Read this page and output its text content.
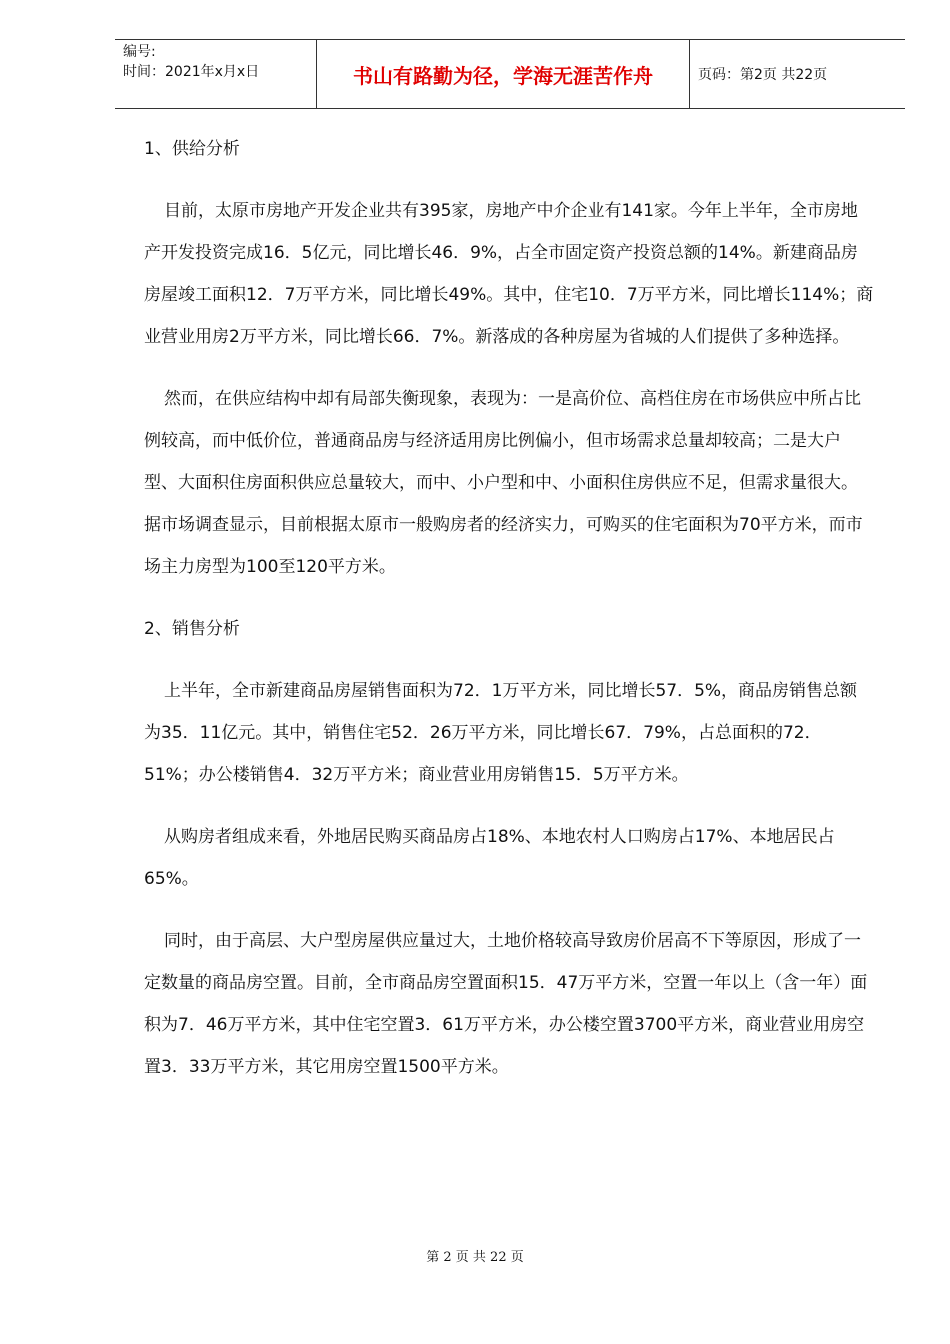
编号:
时间：2021年x月x日	书山有路勤为径，学海无涯苦作舟	页码：第2页 共22页

1、供给分析

目前，太原市房地产开发企业共有395家，房地产中介企业有141家。今年上半年，全市房地产开发投资完成16．5亿元，同比增长46．9%，占全市固定资产投资总额的14%。新建商品房房屋竣工面积12．7万平方米，同比增长49%。其中，住宅10．7万平方米，同比增长114%；商业营业用房2万平方米，同比增长66．7%。新落成的各种房屋为省城的人们提供了多种选择。

然而，在供应结构中却有局部失衡现象，表现为：一是高价位、高档住房在市场供应中所占比例较高，而中低价位，普通商品房与经济适用房比例偏小，但市场需求总量却较高；二是大户型、大面积住房面积供应总量较大，而中、小户型和中、小面积住房供应不足，但需求量很大。据市场调查显示，目前根据太原市一般购房者的经济实力，可购买的住宅面积为70平方米，而市场主力房型为100至120平方米。

2、销售分析

上半年，全市新建商品房屋销售面积为72．1万平方米，同比增长57．5%，商品房销售总额为35．11亿元。其中，销售住宅52．26万平方米，同比增长67．79%，占总面积的72．51%；办公楼销售4．32万平方米；商业营业用房销售15．5万平方米。

从购房者组成来看，外地居民购买商品房占18%、本地农村人口购房占17%、本地居民占65%。

同时，由于高层、大户型房屋供应量过大，土地价格较高导致房价居高不下等原因，形成了一定数量的商品房空置。目前，全市商品房空置面积15．47万平方米，空置一年以上（含一年）面积为7．46万平方米，其中住宅空置3．61万平方米，办公楼空置3700平方米，商业营业用房空置3．33万平方米，其它用房空置1500平方米。

第 2 页 共 22 页
